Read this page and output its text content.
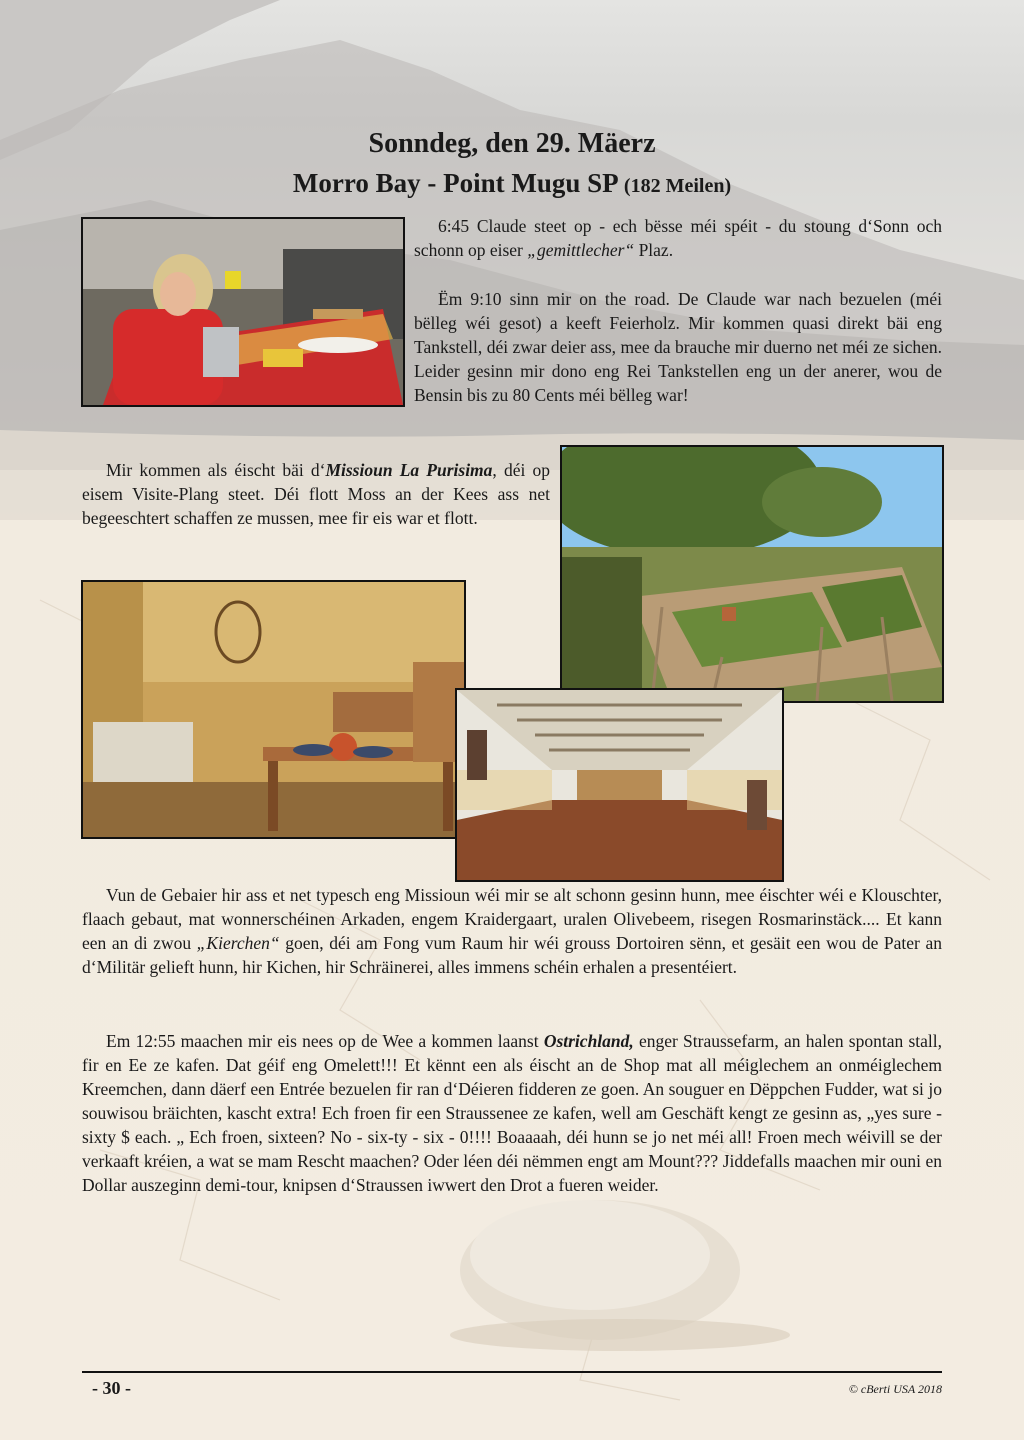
Sonndeg, den 29. Mäerz
Morro Bay - Point Mugu SP (182 Meilen)

6:45 Claude steet op - ech bësse méi spéit - du stoung d‘Sonn och schonn op eiser „gemittlecher“ Plaz.

Ëm 9:10 sinn mir on the road. De Claude war nach bezuelen (méi bëlleg wéi gesot) a keeft Feierholz. Mir kommen quasi direkt bäi eng Tankstell, déi zwar deier ass, mee da brauche mir duerno net méi ze sichen. Leider gesinn mir dono eng Rei Tankstellen eng un der anerer, wou de Bensin bis zu 80 Cents méi bëlleg war!

Mir kommen als éischt bäi d‘Missioun La Purisima, déi op eisem Visite-Plang steet. Déi flott Moss an der Kees ass net begeeschtert schaffen ze mussen, mee fir eis war et flott.

Vun de Gebaier hir ass et net typesch eng Missioun wéi mir se alt schonn gesinn hunn, mee éischter wéi e Klouschter, flaach gebaut, mat wonnerschéinen Arkaden, engem Kraidergaart, uralen Olivebeem, risegen Rosmarinstäck.... Et kann een an di zwou „Kierchen“ goen, déi am Fong vum Raum hir wéi grouss Dortoiren sënn, et gesäit een wou de Pater an d‘Militär gelieft hunn, hir Kichen, hir Schräinerei, alles immens schéin erhalen a presentéiert.

Em 12:55 maachen mir eis nees op de Wee a kommen laanst Ostrichland, enger Straussefarm, an halen spontan stall, fir en Ee ze kafen. Dat géif eng Omelett!!! Et kënnt een als éischt an de Shop mat all méiglechem an onméiglechem Kreemchen, dann däerf een Entrée bezuelen fir ran d‘Déieren fidderen ze goen. An souguer en Dëppchen Fudder, wat si jo souwisou bräichten, kascht extra! Ech froen fir een Straussenee ze kafen, well am Geschäft kengt ze gesinn as, „yes sure - sixty $ each. „ Ech froen, sixteen? No - six-ty - six - 0!!!! Boaaaah, déi hunn se jo net méi all! Froen mech wéivill se der verkaaft kréien, a wat se mam Rescht maachen? Oder léen déi nëmmen engt am Mount??? Jiddefalls maachen mir ouni en Dollar auszeginn demi-tour, knipsen d‘Straussen iwwert den Drot a fueren weider.

- 30 -	© cBerti USA 2018
